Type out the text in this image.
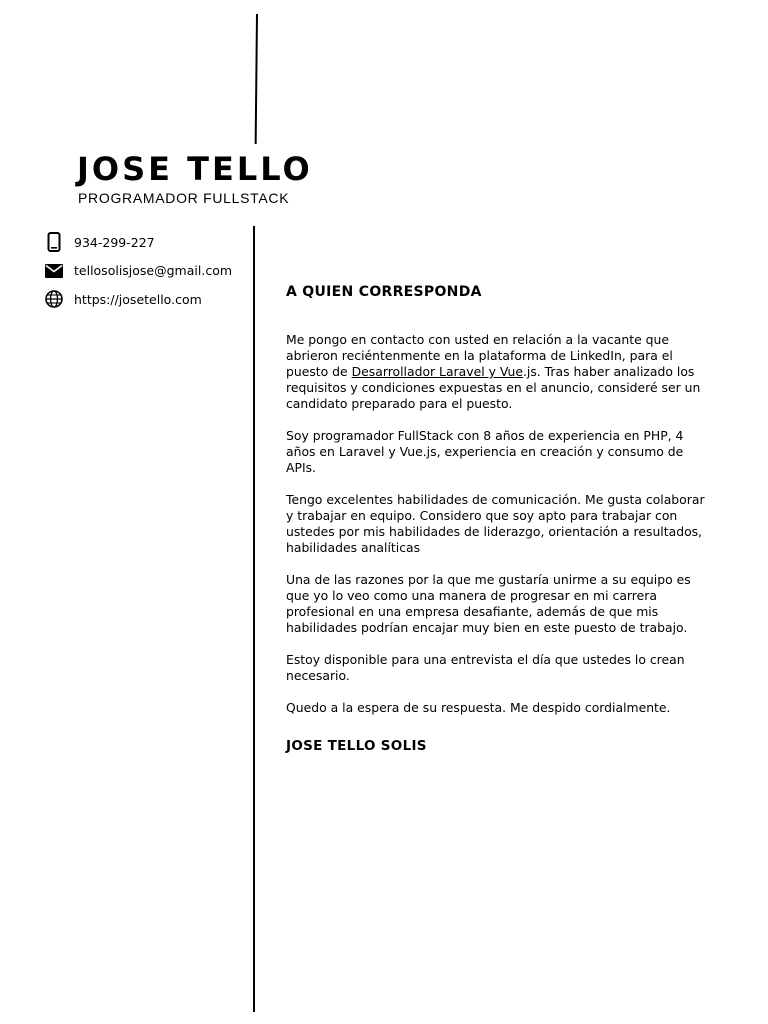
JOSE TELLO
PROGRAMADOR FULLSTACK
934-299-227
tellosolisjose@gmail.com
https://josetello.com	A QUIEN CORRESPONDA

Me pongo en contacto con usted en relación a la vacante que abrieron reciéntenmente en la plataforma de LinkedIn, para el puesto de Desarrollador Laravel y Vue.js. Tras haber analizado los requisitos y condiciones expuestas en el anuncio, consideré ser un candidato preparado para el puesto.

Soy programador FullStack con 8 años de experiencia en PHP, 4 años en Laravel y Vue.js, experiencia en creación y consumo de APIs.

Tengo excelentes habilidades de comunicación. Me gusta colaborar y trabajar en equipo. Considero que soy apto para trabajar con ustedes por mis habilidades de liderazgo, orientación a resultados, habilidades analíticas

Una de las razones por la que me gustaría unirme a su equipo es que yo lo veo como una manera de progresar en mi carrera profesional en una empresa desafiante, además de que mis habilidades podrían encajar muy bien en este puesto de trabajo.

Estoy disponible para una entrevista el día que ustedes lo crean necesario.

Quedo a la espera de su respuesta. Me despido cordialmente.

JOSE TELLO SOLIS
